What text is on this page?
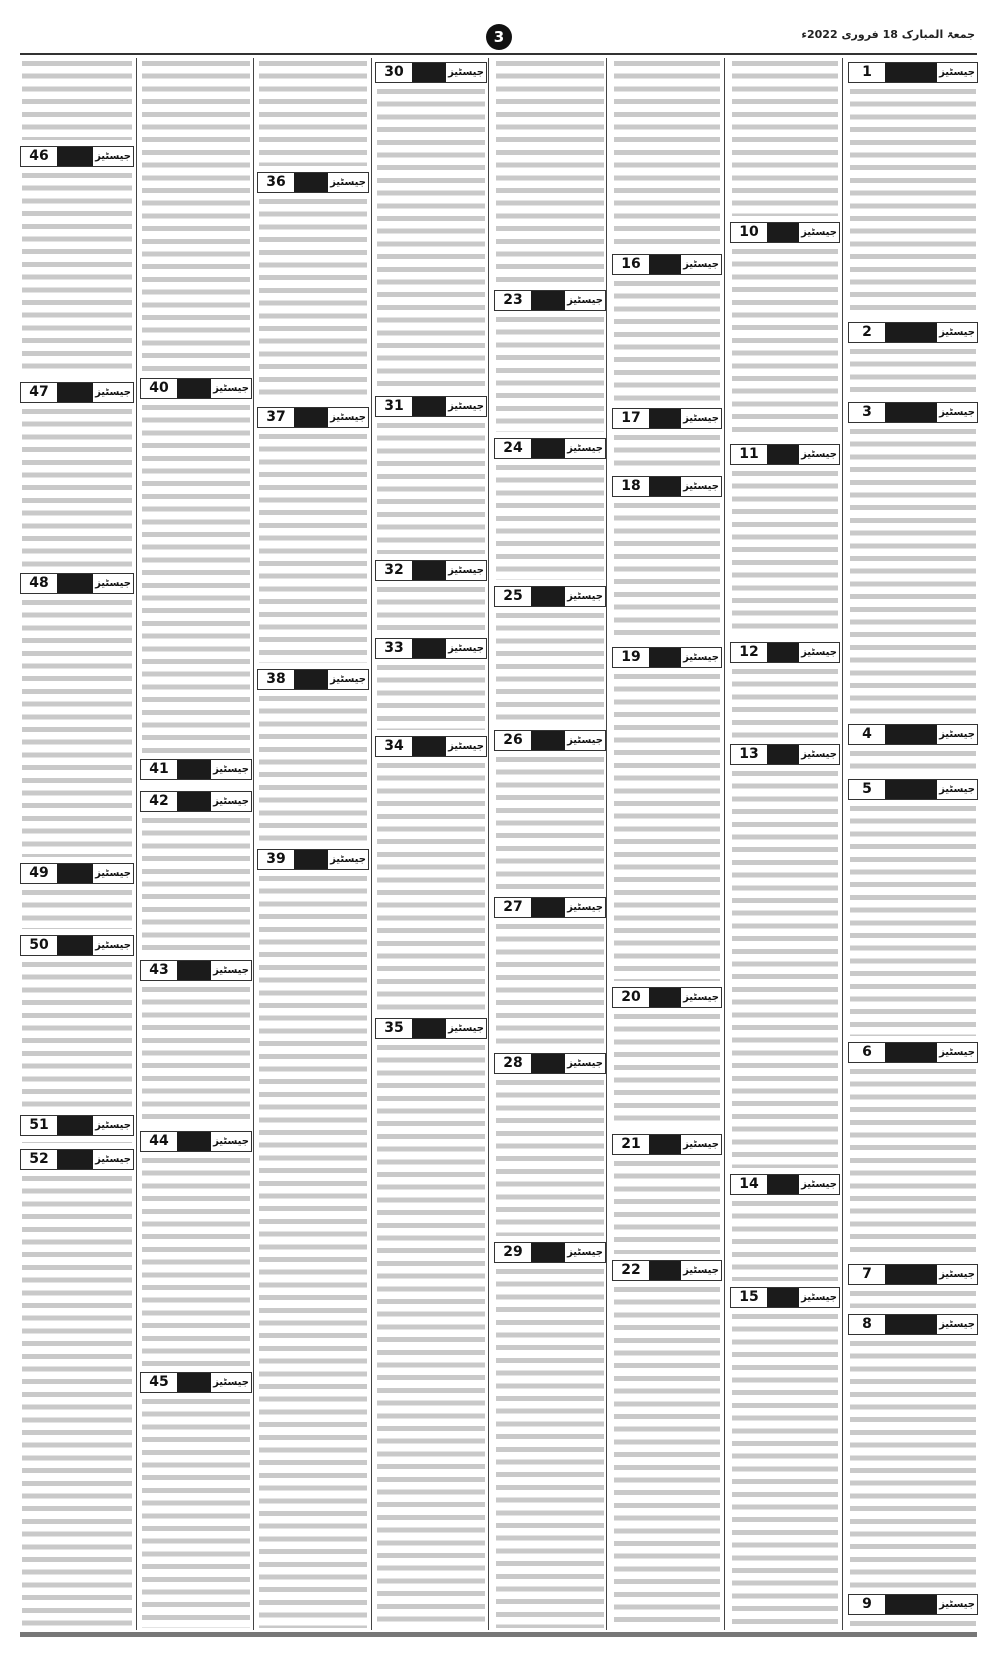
جمعۃ المبارک 18 فروری 2022ء
3
1	جیسٹیز
2	جیسٹیز
3	جیسٹیز
4	جیسٹیز
5	جیسٹیز
6	جیسٹیز
7	جیسٹیز
8	جیسٹیز
9	جیسٹیز
10	جیسٹیز
11	جیسٹیز
12	جیسٹیز
13	جیسٹیز
14	جیسٹیز
15	جیسٹیز
16	جیسٹیز
17	جیسٹیز
18	جیسٹیز
19	جیسٹیز
20	جیسٹیز
21	جیسٹیز
22	جیسٹیز
23	جیسٹیز
24	جیسٹیز
25	جیسٹیز
26	جیسٹیز
27	جیسٹیز
28	جیسٹیز
29	جیسٹیز
30	جیسٹیز
31	جیسٹیز
32	جیسٹیز
33	جیسٹیز
34	جیسٹیز
35	جیسٹیز
36	جیسٹیز
37	جیسٹیز
38	جیسٹیز
39	جیسٹیز
40	جیسٹیز
41	جیسٹیز
42	جیسٹیز
43	جیسٹیز
44	جیسٹیز
45	جیسٹیز
46	جیسٹیز
47	جیسٹیز
48	جیسٹیز
49	جیسٹیز
50	جیسٹیز
51	جیسٹیز
52	جیسٹیز
